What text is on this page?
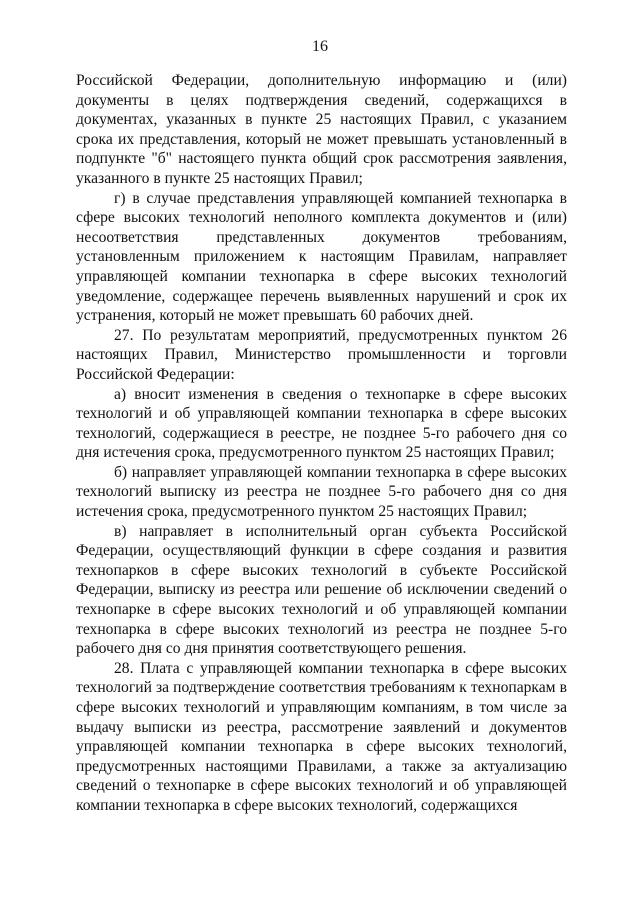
16

Российской Федерации, дополнительную информацию и (или) документы в целях подтверждения сведений, содержащихся в документах, указанных в пункте 25 настоящих Правил, с указанием срока их представления, который не может превышать установленный в подпункте "б" настоящего пункта общий срок рассмотрения заявления, указанного в пункте 25 настоящих Правил;

г) в случае представления управляющей компанией технопарка в сфере высоких технологий неполного комплекта документов и (или) несоответствия представленных документов требованиям, установленным приложением к настоящим Правилам, направляет управляющей компании технопарка в сфере высоких технологий уведомление, содержащее перечень выявленных нарушений и срок их устранения, который не может превышать 60 рабочих дней.

27. По результатам мероприятий, предусмотренных пунктом 26 настоящих Правил, Министерство промышленности и торговли Российской Федерации:

а) вносит изменения в сведения о технопарке в сфере высоких технологий и об управляющей компании технопарка в сфере высоких технологий, содержащиеся в реестре, не позднее 5-го рабочего дня со дня истечения срока, предусмотренного пунктом 25 настоящих Правил;

б) направляет управляющей компании технопарка в сфере высоких технологий выписку из реестра не позднее 5-го рабочего дня со дня истечения срока, предусмотренного пунктом 25 настоящих Правил;

в) направляет в исполнительный орган субъекта Российской Федерации, осуществляющий функции в сфере создания и развития технопарков в сфере высоких технологий в субъекте Российской Федерации, выписку из реестра или решение об исключении сведений о технопарке в сфере высоких технологий и об управляющей компании технопарка в сфере высоких технологий из реестра не позднее 5-го рабочего дня со дня принятия соответствующего решения.

28. Плата с управляющей компании технопарка в сфере высоких технологий за подтверждение соответствия требованиям к технопаркам в сфере высоких технологий и управляющим компаниям, в том числе за выдачу выписки из реестра, рассмотрение заявлений и документов управляющей компании технопарка в сфере высоких технологий, предусмотренных настоящими Правилами, а также за актуализацию сведений о технопарке в сфере высоких технологий и об управляющей компании технопарка в сфере высоких технологий, содержащихся
